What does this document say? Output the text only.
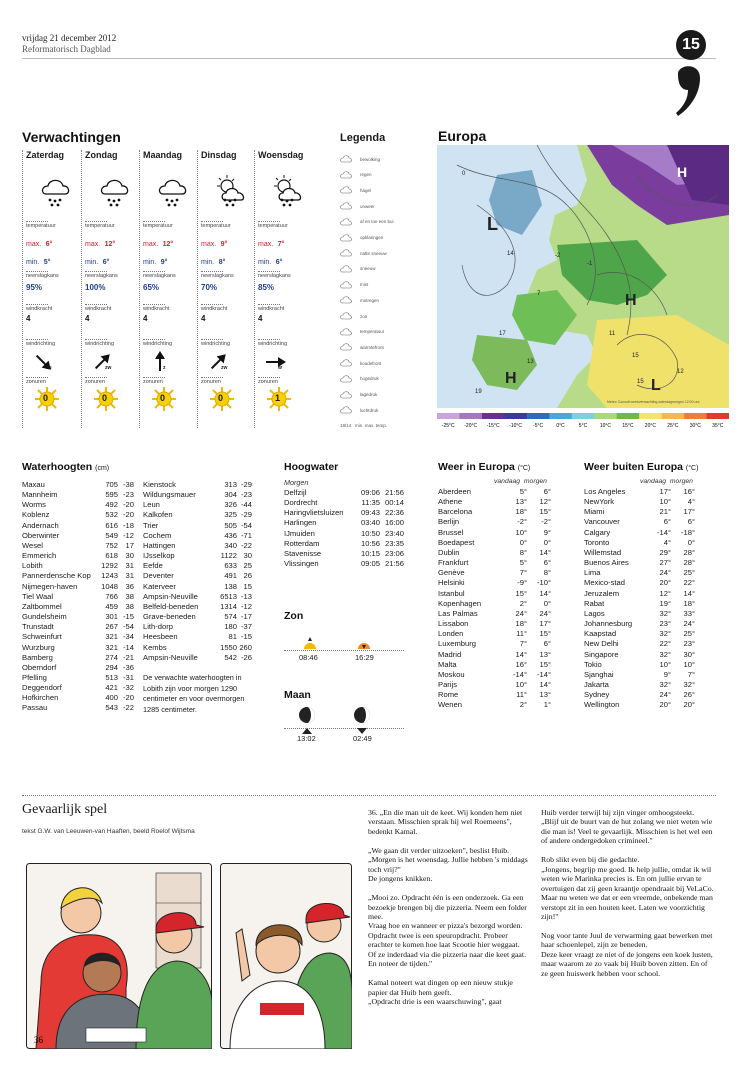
vrijdag 21 december 2012
Reformatorisch Dagblad	15
Verwachtingen
Zaterdag
temperatuur
max. 6°
min. 5°
neerslagkans
95%
windkracht
4
windrichting
zu
zonuren
0
Zondag
temperatuur
max. 12°
min. 6°
neerslagkans
100%
windkracht
4
windrichting
zw
zonuren
0
Maandag
temperatuur
max. 12°
min. 9°
neerslagkans
65%
windkracht
4
windrichting
z
zonuren
0
Dinsdag
temperatuur
max. 9°
min. 8°
neerslagkans
70%
windkracht
4
windrichting
zw
zonuren
0
Woensdag
temperatuur
max. 7°
min. 6°
neerslagkans
85%
windkracht
4
windrichting
w
zonuren
1
Legenda
bewolking
regen
hagel
onweer
af en toe een bui
opklaringen
natte sneeuw
sneeuw
mist
motregen
zon
temperatuur
warmtefront
koudefront
hogedruk
lagedruk
luchtdruk
18/14 min. max. temp.
Europa
L
L
H
H
H
17
13
-2
-1
15
12
15
19
0
11
7
14
Meteo Consult weekverwachting zaterdagmorgen 12:00 uur
-25°C -20°C -15°C -10°C -5°C	0°C	5°C	10°C 15°C 20°C 25°C 30°C 35°C
Waterhoogten (cm)
Maxau	705	-38
Mannheim	595	-23
Worms	492	-20
Koblenz	532	-20
Andernach	616	-18
Oberwinter	549	-12
Wesel	752	17
Emmerich	618	30
Lobith	1292	31
Pannerdensche Kop	1243	31
Nijmegen-haven	1048	36
Tiel Waal	766	38
Zaltbommel	459	38
Gundelsheim	301	-15
Trunstadt	267	-54
Schweinfurt	321	-34
Wurzburg	321	-14
Bamberg	274	-21
Oberndorf	294	-36
Pfelling	513	-31
Deggendorf	421	-32
Hofkirchen	400	-20
Passau	543	-22
Kienstock	313	-29
Wildungsmauer	304	-23
Leun	326	-44
Kalkofen	325	-29
Trier	505	-54
Cochem	436	-71
Hattingen	340	-22
IJsselkop	1122	30
Eefde	633	25
Deventer	491	26
Katerveer	138	15
Ampsin-Neuville	6513	-13
Belfeld-beneden	1314	-12
Grave-beneden	574	-17
Lith-dorp	180	-37
Heesbeen	81	-15
Kembs	1550	260
Ampsin-Neuville	542	-26
De verwachte waterhoogten in Lobith zijn voor morgen 1290 centimeter en voor overmorgen 1285 centimeter.
Hoogwater
Morgen
Delfzijl	09:06	21:56
Dordrecht	11:35	00:14
Haringvlietsluizen	09:43	22:36
Harlingen	03:40	16:00
IJmuiden	10:50	23:40
Rotterdam	10:56	23:35
Stavenisse	10:15	23:06
Vlissingen	09:05	21:56
Zon
08:46	16:29
Maan
13:02	02:49
Weer in Europa (°C)
vandaag morgen
Aberdeen	5°	6°
Athene	13°	12°
Barcelona	18°	15°
Berlijn	-2°	-2°
Brussel	10°	9°
Boedapest	0°	0°
Dublin	8°	14°
Frankfurt	5°	6°
Genève	7°	8°
Helsinki	-9°	-10°
Istanbul	15°	14°
Kopenhagen	2°	0°
Las Palmas	24°	24°
Lissabon	18°	17°
Londen	11°	15°
Luxemburg	7°	6°
Madrid	14°	13°
Malta	16°	15°
Moskou	-14°	-14°
Parijs	10°	14°
Rome	11°	13°
Wenen	2°	1°
Weer buiten Europa (°C)
vandaag morgen
Los Angeles	17°	16°
NewYork	10°	4°
Miami	21°	17°
Vancouver	6°	6°
Calgary	-14°	-18°
Toronto	4°	0°
Willemstad	29°	28°
Buenos Aires	27°	28°
Lima	24°	25°
Mexico-stad	20°	22°
Jeruzalem	12°	14°
Rabat	19°	18°
Lagos	32°	33°
Johannesburg	23°	24°
Kaapstad	32°	25°
New Delhi	22°	23°
Singapore	32°	30°
Tokio	10°	10°
Sjanghai	9°	7°
Jakarta	32°	32°
Sydney	24°	26°
Wellington	20°	20°
Gevaarlijk spel
tekst G.W. van Leeuwen-van Haaften, beeld Roelof Wijtsma
36

36. „En die man uit de keet. Wij konden hem niet verstaan. Misschien sprak hij wel Roemeens", bedenkt Kamal.

„We gaan dit verder uitzoeken", beslist Huib. „Morgen is het woensdag. Jullie hebben 's middags toch vrij?"
De jongens knikken.

„Mooi zo. Opdracht één is een onderzoek. Ga een bezoekje brengen bij die pizzeria. Neem een folder mee.
Vraag hoe en wanneer er pizza's bezorgd worden.
Opdracht twee is een speuropdracht. Probeer erachter te komen hoe laat Scootie hier weggaat.
Of ze inderdaad via die pizzeria naar die keet gaat. En noteer de tijden."

Kamal noteert wat dingen op een nieuw stukje papier dat Huib hem geeft.
„Opdracht drie is een waarschuwing", gaat

Huib verder terwijl hij zijn vinger omhoogsteekt.
„Blijf uit de buurt van de hut zolang we niet weten wie die man is! Veel te gevaarlijk. Misschien is het wel een of andere ondergedoken crimineel."

Rob slikt even bij die gedachte.
„Jongens, begrijp me goed. Ik help jullie, omdat ik wil weten wie Marinka precies is. En om jullie ervan te overtuigen dat zij geen kraantje opendraait bij VeLaCo. Maar nu weten we dat er een vreemde, onbekende man verstopt zit in een houten keet. Laten we voorzichtig zijn!"

Nog voor tante Juul de verwarming gaat bewerken met haar schoenlepel, zijn ze beneden.
Deze keer vraagt ze niet of de jongens een koek lusten, maar waarom ze zo vaak bij Huib boven zitten. En of ze geen huiswerk hebben voor school.
